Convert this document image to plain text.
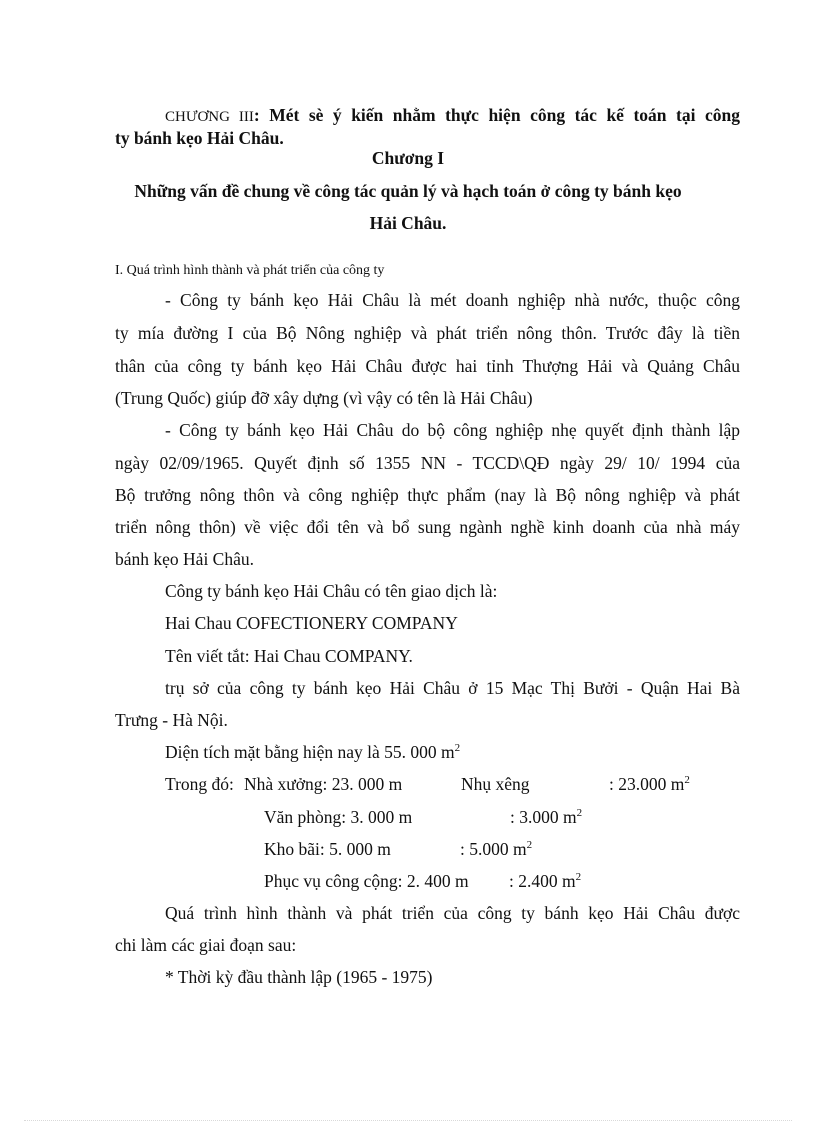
CHƯƠNG III: Mét sè ý kiến nhằm thực hiện công tác kế toán tại công
ty bánh kẹo Hải Châu.
Chương I
Những vấn đề chung về công tác quản lý và hạch toán ở công ty bánh kẹo
Hải Châu.
I. Quá trình hình thành và phát triển của công ty
- Công ty bánh kẹo Hải Châu là mét doanh nghiệp nhà nước, thuộc công
ty mía đường I của Bộ Nông nghiệp và phát triển nông thôn. Trước đây là tiền
thân của công ty bánh kẹo Hải Châu được hai tỉnh Thượng Hải và Quảng Châu
(Trung Quốc) giúp đỡ xây dựng (vì vậy có tên là Hải Châu)
- Công ty bánh kẹo Hải Châu do bộ công nghiệp nhẹ quyết định thành lập
ngày 02/09/1965. Quyết định số 1355 NN - TCCD\QĐ ngày 29/ 10/ 1994 của
Bộ trưởng nông thôn và công nghiệp thực phẩm (nay là Bộ nông nghiệp và phát
triển nông thôn) về việc đổi tên và bổ sung ngành nghề kinh doanh của nhà máy
bánh kẹo Hải Châu.
Công ty bánh kẹo Hải Châu có tên giao dịch là:
Hai Chau COFECTIONERY COMPANY
Tên viết tắt: Hai Chau COMPANY.
trụ sở của công ty bánh kẹo Hải Châu ở 15 Mạc Thị Bưởi - Quận Hai Bà
Trưng - Hà Nội.
Diện tích mặt bằng hiện nay là 55. 000 $m^2$
Trong đó: Nhà xưởng: 23. 000 m	Nhụ xêng	: 23.000 $m^2$
Văn phòng: 3. 000 m	: 3.000 $m^2$
Kho bãi: 5. 000 m	: 5.000 $m^2$
Phục vụ công cộng: 2. 400 m : 2.400 $m^2$
Quá trình hình thành và phát triển của công ty bánh kẹo Hải Châu được
chi làm các giai đoạn sau:
* Thời kỳ đầu thành lập (1965 - 1975)
